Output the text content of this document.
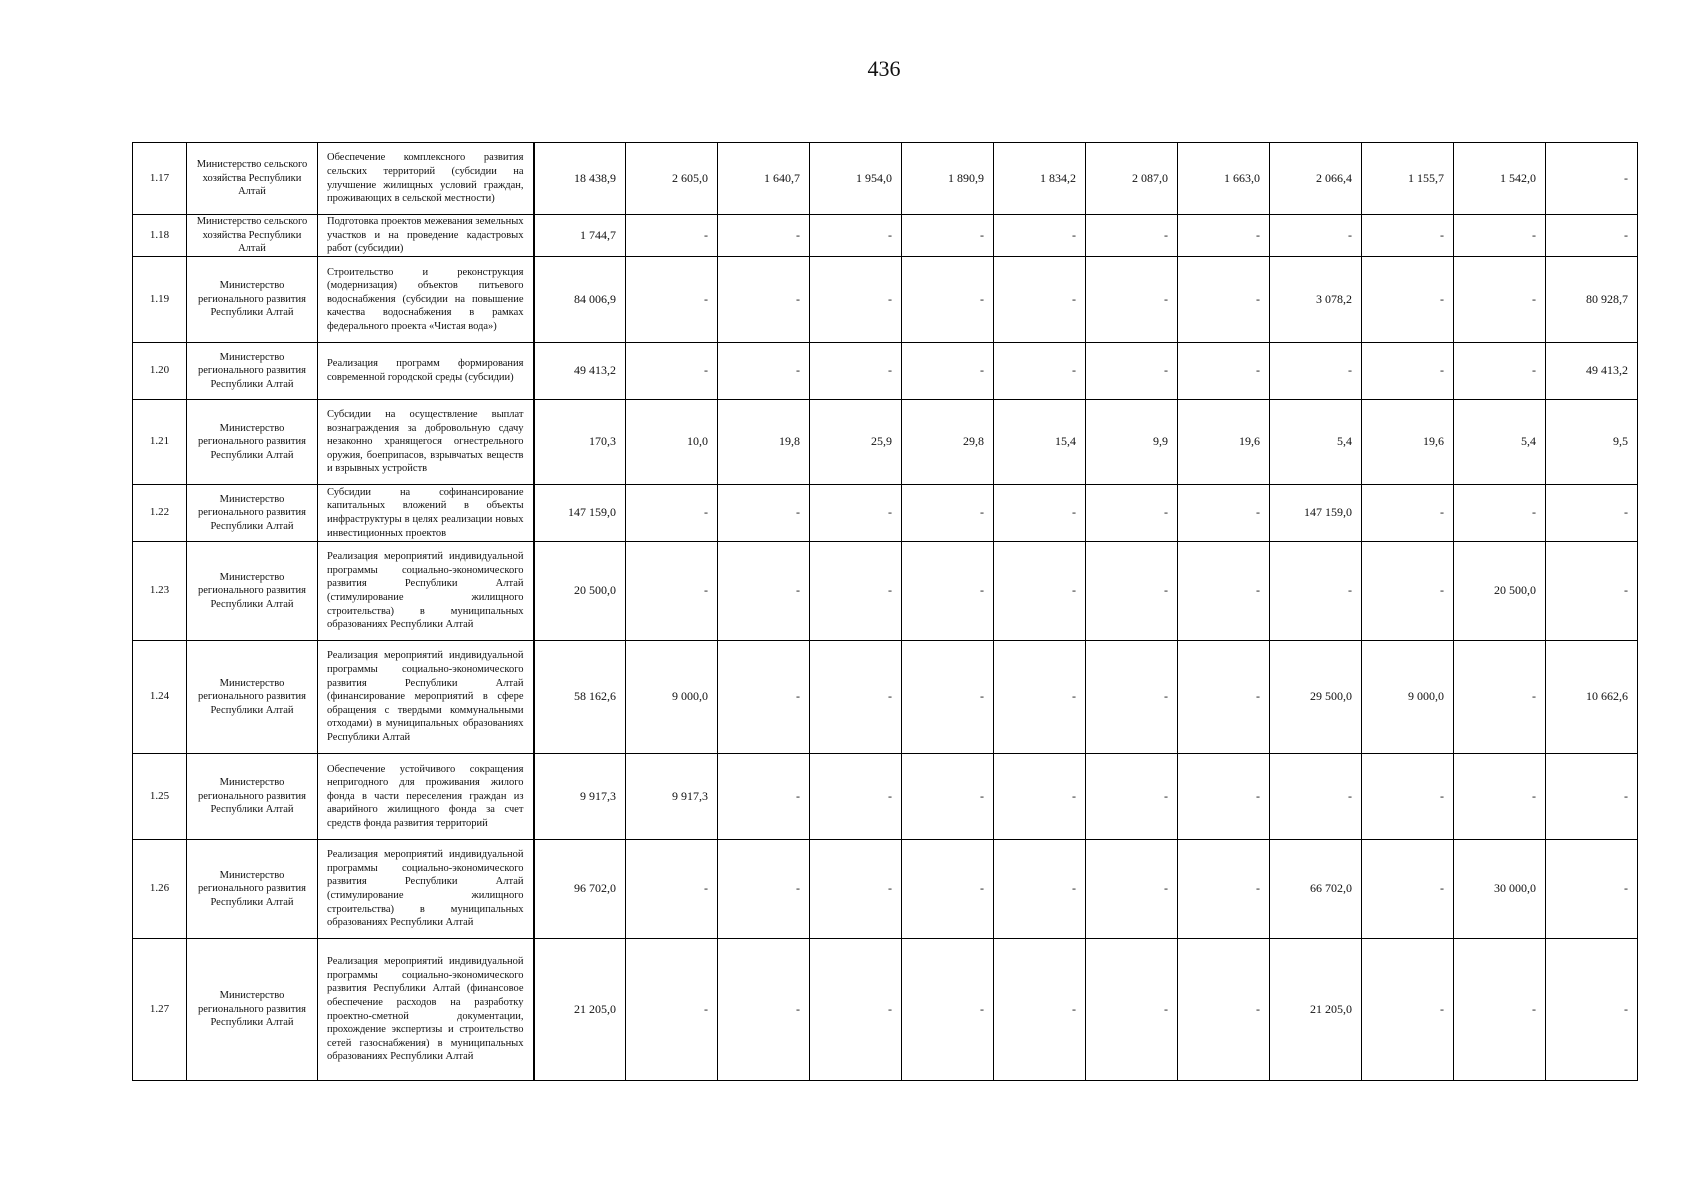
436
1.17	Министерство сельского хозяйства Республики Алтай	Обеспечение комплексного развития сельских территорий (субсидии на улучшение жилищных условий граждан, проживающих в сельской местности)	18 438,9	2 605,0	1 640,7	1 954,0	1 890,9	1 834,2	2 087,0	1 663,0	2 066,4	1 155,7	1 542,0	-
1.18	Министерство сельского хозяйства Республики Алтай	Подготовка проектов межевания земельных участков и на проведение кадастровых работ (субсидии)	1 744,7	-	-	-	-	-	-	-	-	-	-	-
1.19	Министерство регионального развития Республики Алтай	Строительство и реконструкция (модернизация) объектов питьевого водоснабжения (субсидии на повышение качества водоснабжения в рамках федерального проекта «Чистая вода»)	84 006,9	-	-	-	-	-	-	-	3 078,2	-	-	80 928,7
1.20	Министерство регионального развития Республики Алтай	Реализация программ формирования современной городской среды (субсидии)	49 413,2	-	-	-	-	-	-	-	-	-	-	49 413,2
1.21	Министерство регионального развития Республики Алтай	Субсидии на осуществление выплат вознаграждения за добровольную сдачу незаконно хранящегося огнестрельного оружия, боеприпасов, взрывчатых веществ и взрывных устройств	170,3	10,0	19,8	25,9	29,8	15,4	9,9	19,6	5,4	19,6	5,4	9,5
1.22	Министерство регионального развития Республики Алтай	Субсидии на софинансирование капитальных вложений в объекты инфраструктуры в целях реализации новых инвестиционных проектов	147 159,0	-	-	-	-	-	-	-	147 159,0	-	-	-
1.23	Министерство регионального развития Республики Алтай	Реализация мероприятий индивидуальной программы социально-экономического развития Республики Алтай (стимулирование жилищного строительства) в муниципальных образованиях Республики Алтай	20 500,0	-	-	-	-	-	-	-	-	-	20 500,0	-
1.24	Министерство регионального развития Республики Алтай	Реализация мероприятий индивидуальной программы социально-экономического развития Республики Алтай (финансирование мероприятий в сфере обращения с твердыми коммунальными отходами) в муниципальных образованиях Республики Алтай	58 162,6	9 000,0	-	-	-	-	-	-	29 500,0	9 000,0	-	10 662,6
1.25	Министерство регионального развития Республики Алтай	Обеспечение устойчивого сокращения непригодного для проживания жилого фонда в части переселения граждан из аварийного жилищного фонда за счет средств фонда развития территорий	9 917,3	9 917,3	-	-	-	-	-	-	-	-	-	-
1.26	Министерство регионального развития Республики Алтай	Реализация мероприятий индивидуальной программы социально-экономического развития Республики Алтай (стимулирование жилищного строительства) в муниципальных образованиях Республики Алтай	96 702,0	-	-	-	-	-	-	-	66 702,0	-	30 000,0	-
1.27	Министерство регионального развития Республики Алтай	Реализация мероприятий индивидуальной программы социально-экономического развития Республики Алтай (финансовое обеспечение расходов на разработку проектно-сметной документации, прохождение экспертизы и строительство сетей газоснабжения) в муниципальных образованиях Республики Алтай	21 205,0	-	-	-	-	-	-	-	21 205,0	-	-	-
